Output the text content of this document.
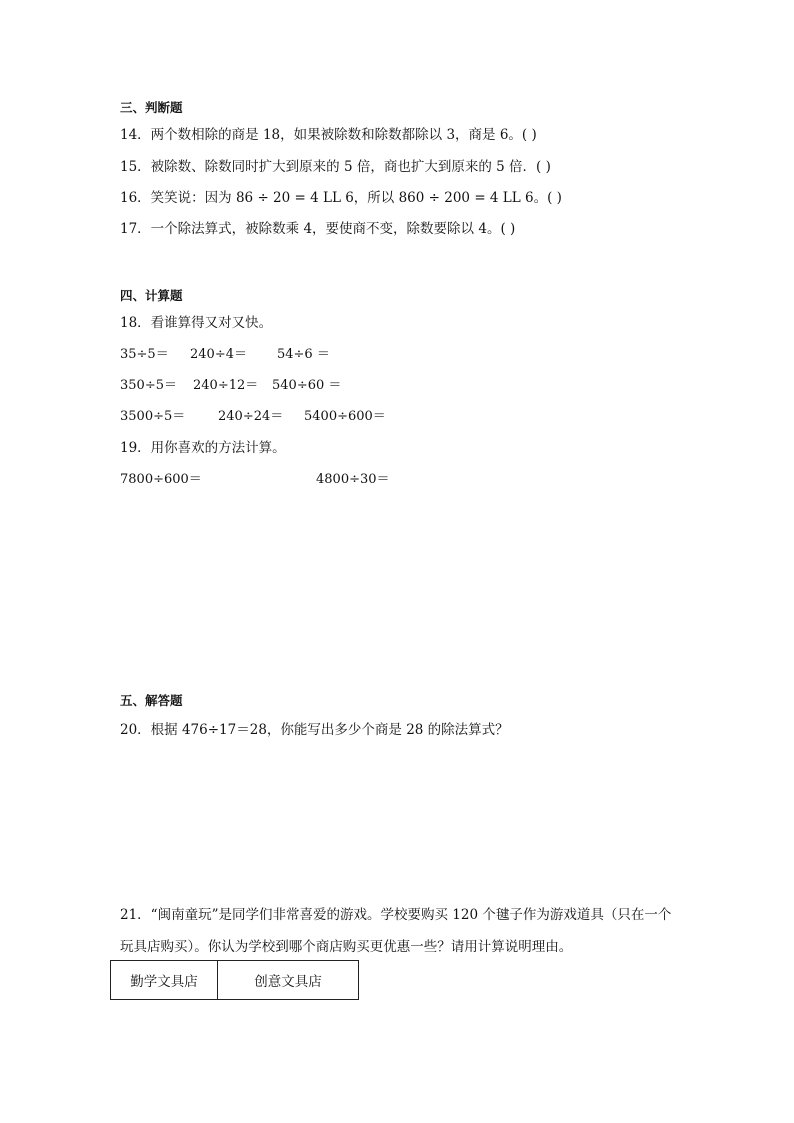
三、判断题
14．两个数相除的商是 18，如果被除数和除数都除以 3，商是 6。( )
15．被除数、除数同时扩大到原来的 5 倍，商也扩大到原来的 5 倍．( )
16．笑笑说：因为 86 ÷ 20 = 4 ⅬⅬ 6，所以 860 ÷ 200 = 4 ⅬⅬ 6。( )
17．一个除法算式，被除数乘 4，要使商不变，除数要除以 4。( )
四、计算题
18．看谁算得又对又快。
35÷5＝ 240÷4＝ 54÷6 ＝
350÷5＝ 240÷12＝ 540÷60 ＝
3500÷5＝	240÷24＝ 5400÷600＝
19．用你喜欢的方法计算。
7800÷600＝	4800÷30＝
五、解答题
20．根据 476÷17＝28，你能写出多少个商是 28 的除法算式？
21．“闽南童玩”是同学们非常喜爱的游戏。学校要购买 120 个毽子作为游戏道具（只在一个
玩具店购买）。你认为学校到哪个商店购买更优惠一些？请用计算说明理由。
勤学文具店	创意文具店
